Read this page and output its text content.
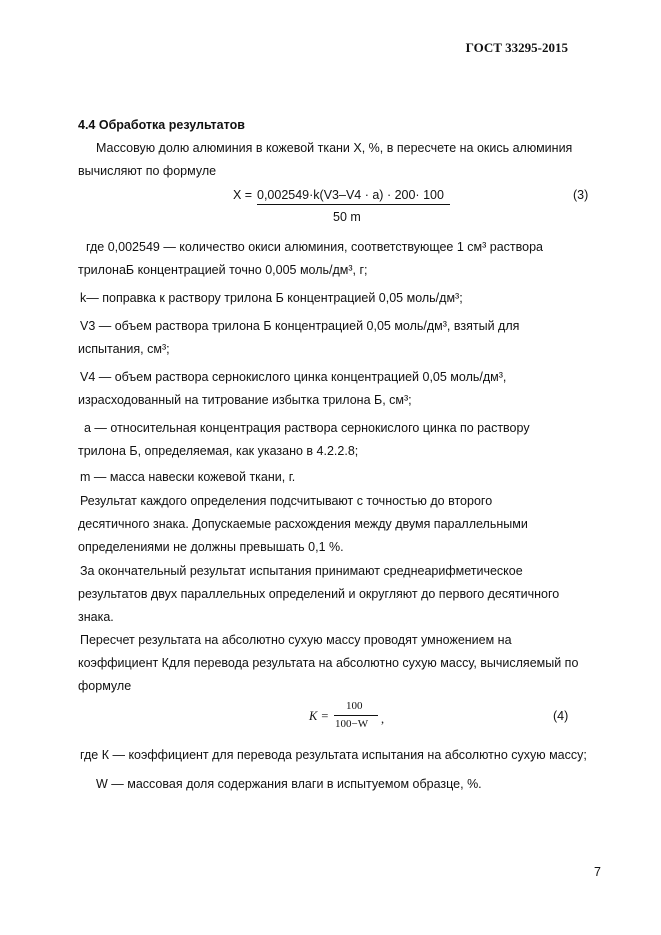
ГОСТ 33295-2015
4.4 Обработка результатов
Массовую долю алюминия в кожевой ткани X, %, в пересчете на окись алюминия
вычисляют по формуле
X = 0,002549·k(V3–V4 · a) · 200· 100
50 m
(3)
где 0,002549 — количество окиси алюминия, соответствующее 1 см³ раствора
трилонаБ концентрацией точно 0,005 моль/дм³, г;
k— поправка к раствору трилона Б концентрацией 0,05 моль/дм³;
V3 — объем раствора трилона Б концентрацией 0,05 моль/дм³, взятый для
испытания, см³;
V4 — объем раствора сернокислого цинка концентрацией 0,05 моль/дм³,
израсходованный на титрование избытка трилона Б, см³;
a — относительная концентрация раствора сернокислого цинка по раствору
трилона Б, определяемая, как указано в 4.2.2.8;
m — масса навески кожевой ткани, г.
Результат каждого определения подсчитывают с точностью до второго
десятичного знака. Допускаемые расхождения между двумя параллельными
определениями не должны превышать 0,1 %.
За окончательный результат испытания принимают среднеарифметическое
результатов двух параллельных определений и округляют до первого десятичного
знака.
Пересчет результата на абсолютно сухую массу проводят умножением на
коэффициент Кдля перевода результата на абсолютно сухую массу, вычисляемый по
формуле
K =
100
100−W ,	(4)
где К — коэффициент для перевода результата испытания на абсолютно сухую массу;
W — массовая доля содержания влаги в испытуемом образце, %.
7
